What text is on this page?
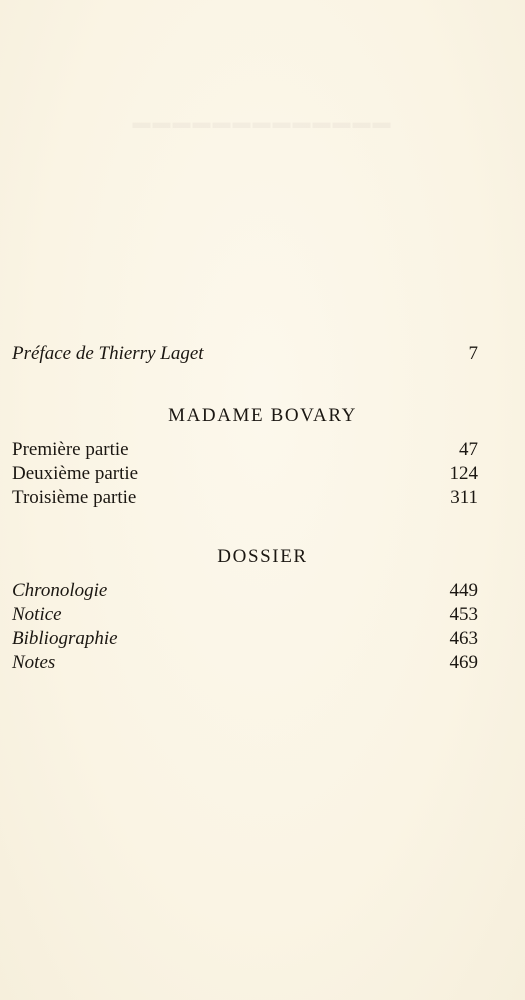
Préface de Thierry Laget	7
MADAME BOVARY
Première partie	47
Deuxième partie	124
Troisième partie	311
DOSSIER
Chronologie	449
Notice	453
Bibliographie	463
Notes	469
